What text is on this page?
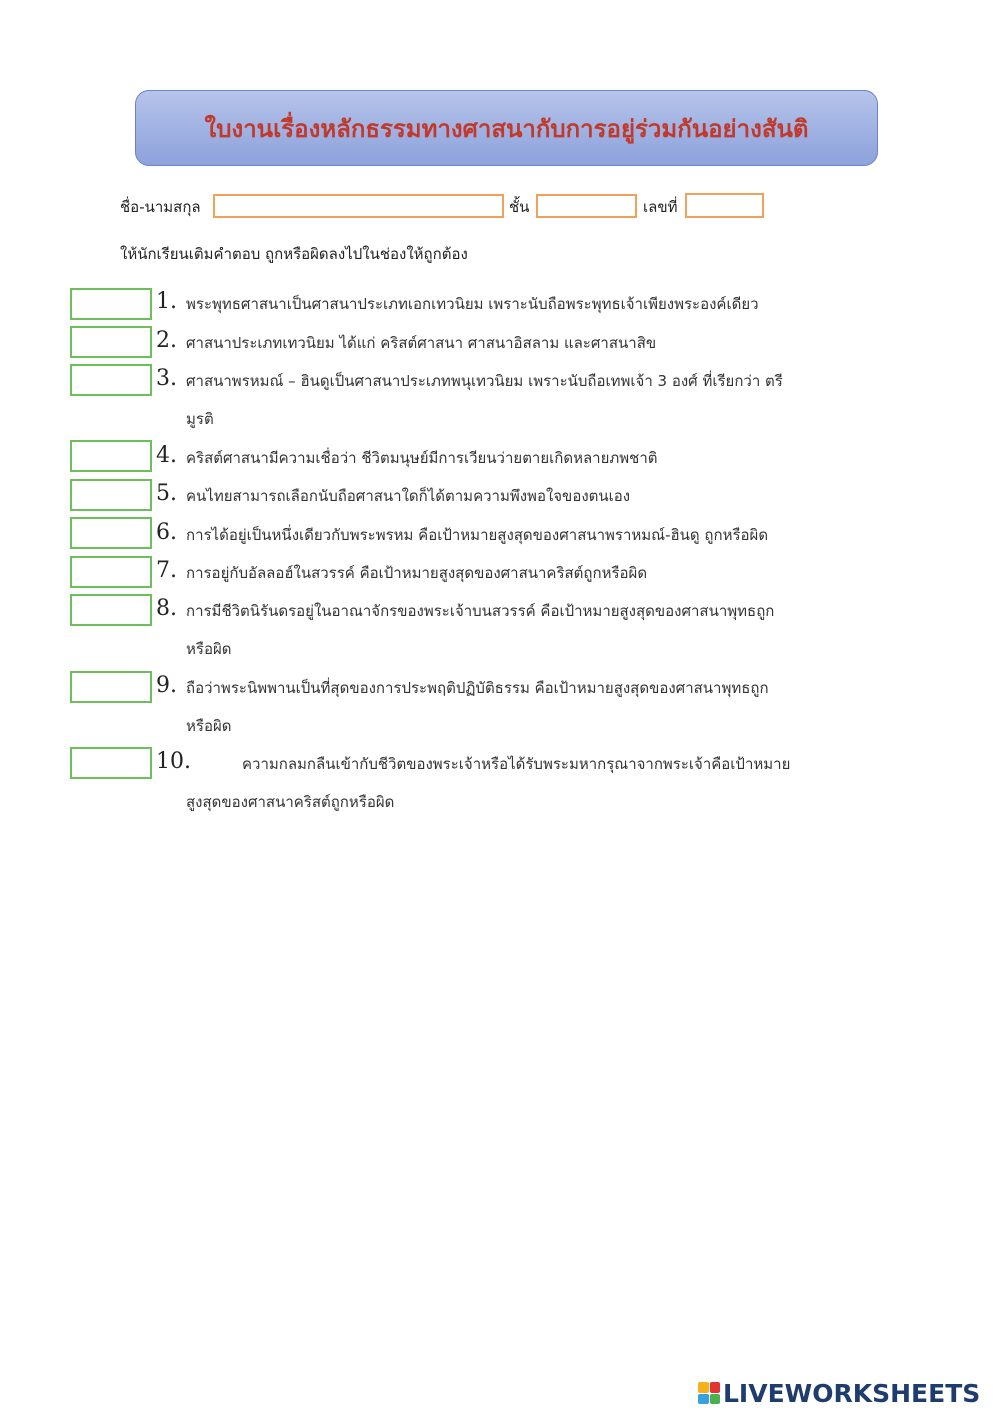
ใบงานเรื่องหลักธรรมทางศาสนากับการอยู่ร่วมกันอย่างสันติ
ชื่อ-นามสกุล	ชั้น	เลขที่
ให้นักเรียนเติมคำตอบ ถูกหรือผิดลงไปในช่องให้ถูกต้อง
1. พระพุทธศาสนาเป็นศาสนาประเภทเอกเทวนิยม เพราะนับถือพระพุทธเจ้าเพียงพระองค์เดียว
2. ศาสนาประเภทเทวนิยม ได้แก่ คริสต์ศาสนา ศาสนาอิสลาม และศาสนาสิข
3. ศาสนาพรหมณ์ – ฮินดูเป็นศาสนาประเภทพนุเทวนิยม เพราะนับถือเทพเจ้า 3 องศ์ ที่เรียกว่า ตรี
มูรติ
4. คริสต์ศาสนามีความเชื่อว่า ชีวิตมนุษย์มีการเวียนว่ายตายเกิดหลายภพชาติ
5. คนไทยสามารถเลือกนับถือศาสนาใดก็ได้ตามความพึงพอใจของตนเอง
6. การได้อยู่เป็นหนึ่งเดียวกับพระพรหม คือเป้าหมายสูงสุดของศาสนาพราหมณ์-ฮินดู ถูกหรือผิด
7. การอยู่กับอัลลอฮ์ในสวรรค์ คือเป้าหมายสูงสุดของศาสนาคริสต์ถูกหรือผิด
8. การมีชีวิตนิรันดรอยู่ในอาณาจักรของพระเจ้าบนสวรรค์ คือเป้าหมายสูงสุดของศาสนาพุทธถูก
หรือผิด
9. ถือว่าพระนิพพานเป็นที่สุดของการประพฤติปฏิบัติธรรม คือเป้าหมายสูงสุดของศาสนาพุทธถูก
หรือผิด
10.	ความกลมกลืนเข้ากับชีวิตของพระเจ้าหรือได้รับพระมหากรุณาจากพระเจ้าคือเป้าหมาย
สูงสุดของศาสนาคริสต์ถูกหรือผิด
LIVEWORKSHEETS
